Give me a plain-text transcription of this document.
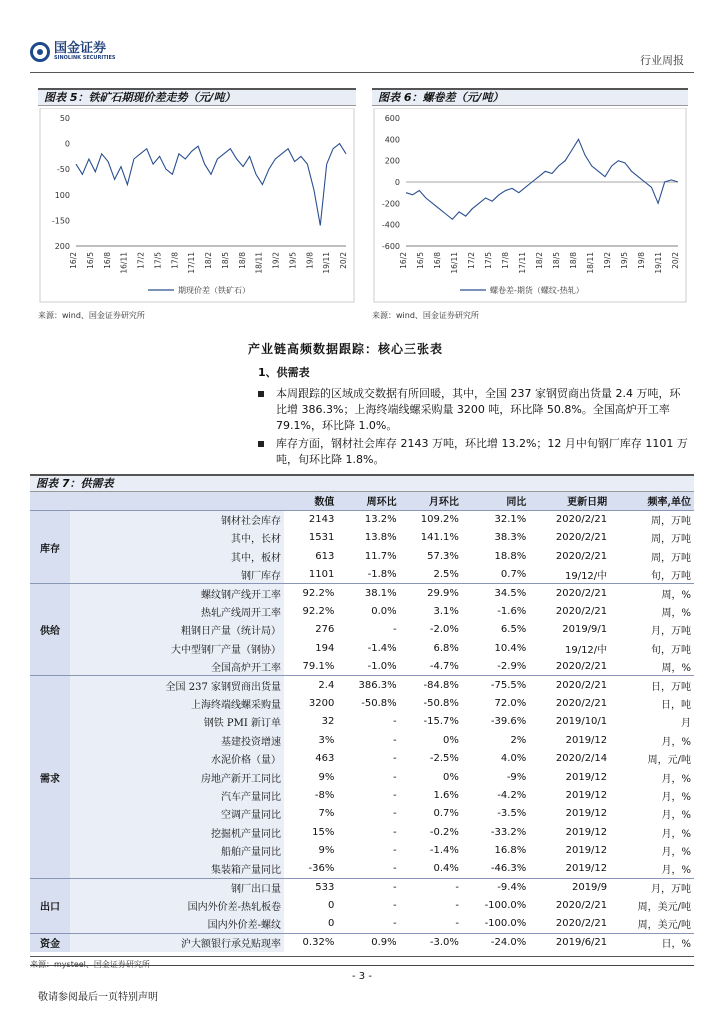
国金证券
SINOLINK SECURITIES	行业周报
图表 5：铁矿石期现价差走势（元/吨）
50
0
-50
100
-150
200
16/2 16/5 16/8 16/11 17/2 17/5 17/8 17/11 18/2 18/5 18/8 18/11 19/2 19/5 19/8 19/11 20/2
期现价差（铁矿石）
来源：wind、国金证券研究所
图表 6：螺卷差（元/吨）
600
400
200
0
-200
-400
-600
16/2 16/5 16/8 16/11 17/2 17/5 17/8 17/11 18/2 18/5 18/8 18/11 19/2 19/5 19/8 19/11 20/2
螺卷差-期货（螺纹-热轧）
来源：wind、国金证券研究所
产业链高频数据跟踪：核心三张表
1、供需表
本周跟踪的区域成交数据有所回暖，其中，全国 237 家钢贸商出货量 2.4 万吨，环比增 386.3%；上海终端线螺采购量 3200 吨，环比降 50.8%。全国高炉开工率 79.1%，环比降 1.0%。
库存方面，钢材社会库存 2143 万吨，环比增 13.2%；12 月中旬钢厂库存 1101 万吨，旬环比降 1.8%。
图表 7：供需表
		数值	周环比	月环比	同比	更新日期	频率,单位
库存	钢材社会库存	2143	13.2%	109.2%	32.1%	2020/2/21	周，万吨
	其中，长材	1531	13.8%	141.1%	38.3%	2020/2/21	周，万吨
	其中，板材	613	11.7%	57.3%	18.8%	2020/2/21	周，万吨
	钢厂库存	1101	-1.8%	2.5%	0.7%	19/12/中	旬，万吨
供给	螺纹钢产线开工率	92.2%	38.1%	29.9%	34.5%	2020/2/21	周，%
	热轧产线周开工率	92.2%	0.0%	3.1%	-1.6%	2020/2/21	周，%
	粗钢日产量（统计局）	276	-	-2.0%	6.5%	2019/9/1	月，万吨
	大中型钢厂产量（钢协）	194	-1.4%	6.8%	10.4%	19/12/中	旬，万吨
	全国高炉开工率	79.1%	-1.0%	-4.7%	-2.9%	2020/2/21	周，%
需求	全国 237 家钢贸商出货量	2.4	386.3%	-84.8%	-75.5%	2020/2/21	日，万吨
	上海终端线螺采购量	3200	-50.8%	-50.8%	72.0%	2020/2/21	日，吨
	钢铁 PMI 新订单	32	-	-15.7%	-39.6%	2019/10/1	月
	基建投资增速	3%	-	0%	2%	2019/12	月，%
	水泥价格（量）	463	-	-2.5%	4.0%	2020/2/14	周，元/吨
	房地产新开工同比	9%	-	0%	-9%	2019/12	月，%
	汽车产量同比	-8%	-	1.6%	-4.2%	2019/12	月，%
	空调产量同比	7%	-	0.7%	-3.5%	2019/12	月，%
	挖掘机产量同比	15%	-	-0.2%	-33.2%	2019/12	月，%
	船舶产量同比	9%	-	-1.4%	16.8%	2019/12	月，%
	集装箱产量同比	-36%	-	0.4%	-46.3%	2019/12	月，%
出口	钢厂出口量	533	-	-	-9.4%	2019/9	月，万吨
	国内外价差-热轧板卷	0	-	-	-100.0%	2020/2/21	周，美元/吨
	国内外价差-螺纹	0	-	-	-100.0%	2020/2/21	周，美元/吨
资金	沪大额银行承兑贴现率	0.32%	0.9%	-3.0%	-24.0%	2019/6/21	日，%
- 3 -
敬请参阅最后一页特别声明
